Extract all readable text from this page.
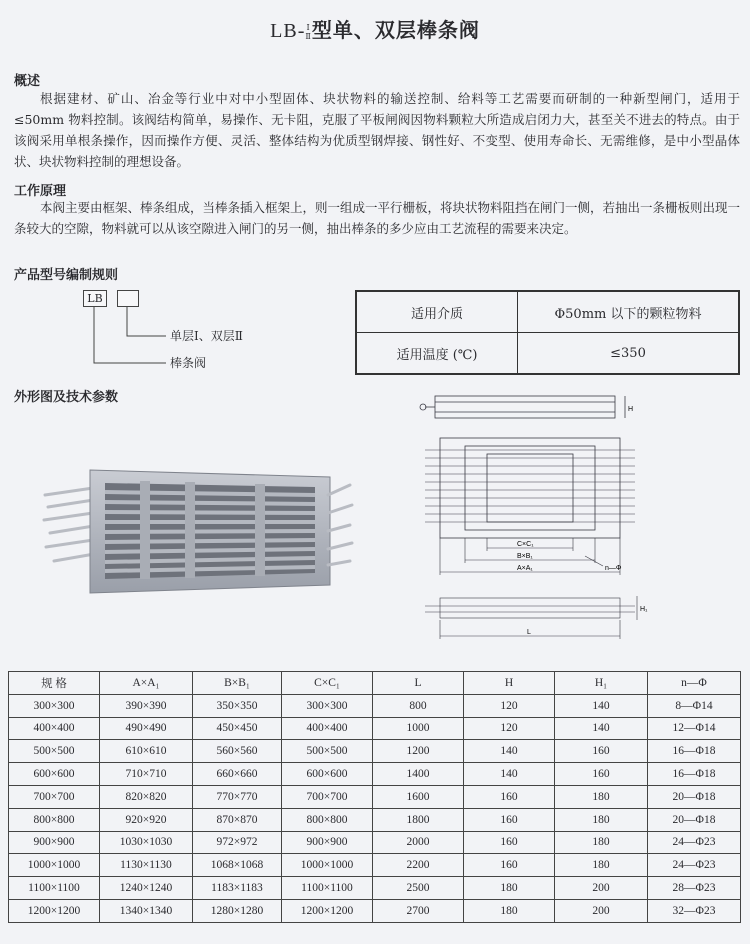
LB-Ⅰ
Ⅱ型单、双层棒条阀
概述
根据建材、矿山、冶金等行业中对中小型固体、块状物料的输送控制、给料等工艺需要而研制的一种新型闸门，适用于≤50mm 物料控制。该阀结构简单，易操作、无卡阻，克服了平板闸阀因物料颗粒大所造成启闭力大，甚至关不进去的特点。由于该阀采用单根条操作，因而操作方便、灵活、整体结构为优质型钢焊接、钢性好、不变型、使用寿命长、无需维修，是中小型晶体状、块状物料控制的理想设备。
工作原理
本阀主要由框架、棒条组成，当棒条插入框架上，则一组成一平行栅板，将块状物料阻挡在闸门一侧，若抽出一条栅板则出现一条较大的空隙，物料就可以从该空隙进入闸门的另一侧，抽出棒条的多少应由工艺流程的需要来决定。
产品型号编制规则
LB
单层Ⅰ、双层Ⅱ
棒条阀
适用介质	Φ50mm 以下的颗粒物料
适用温度 (℃)	≤350
外形图及技术参数
H
C×C₁
B×B₁
A×A₁	n—Φ
H₁
L
规 格	A×A₁	B×B₁	C×C₁	L	H	H₁	n—Φ
300×300	390×390	350×350	300×300	800	120	140	8—Φ14
400×400	490×490	450×450	400×400	1000	120	140	12—Φ14
500×500	610×610	560×560	500×500	1200	140	160	16—Φ18
600×600	710×710	660×660	600×600	1400	140	160	16—Φ18
700×700	820×820	770×770	700×700	1600	160	180	20—Φ18
800×800	920×920	870×870	800×800	1800	160	180	20—Φ18
900×900	1030×1030	972×972	900×900	2000	160	180	24—Φ23
1000×1000	1130×1130	1068×1068	1000×1000	2200	160	180	24—Φ23
1100×1100	1240×1240	1183×1183	1100×1100	2500	180	200	28—Φ23
1200×1200	1340×1340	1280×1280	1200×1200	2700	180	200	32—Φ23
